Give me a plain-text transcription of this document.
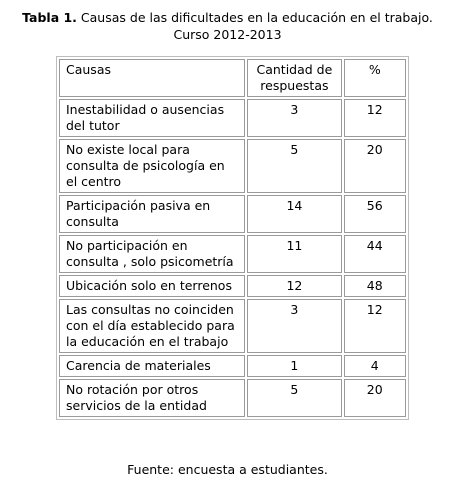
Tabla 1. Causas de las dificultades en la educación en el trabajo.
Curso 2012-2013
Causas	Cantidad de respuestas	%
Inestabilidad o ausencias del tutor	3	12
No existe local para consulta de psicología en el centro	5	20
Participación pasiva en consulta	14	56
No participación en consulta , solo psicometría	11	44
Ubicación solo en terrenos	12	48
Las consultas no coinciden con el día establecido para la educación en el trabajo	3	12
Carencia de materiales	1	4
No rotación por otros servicios de la entidad	5	20
Fuente: encuesta a estudiantes.
